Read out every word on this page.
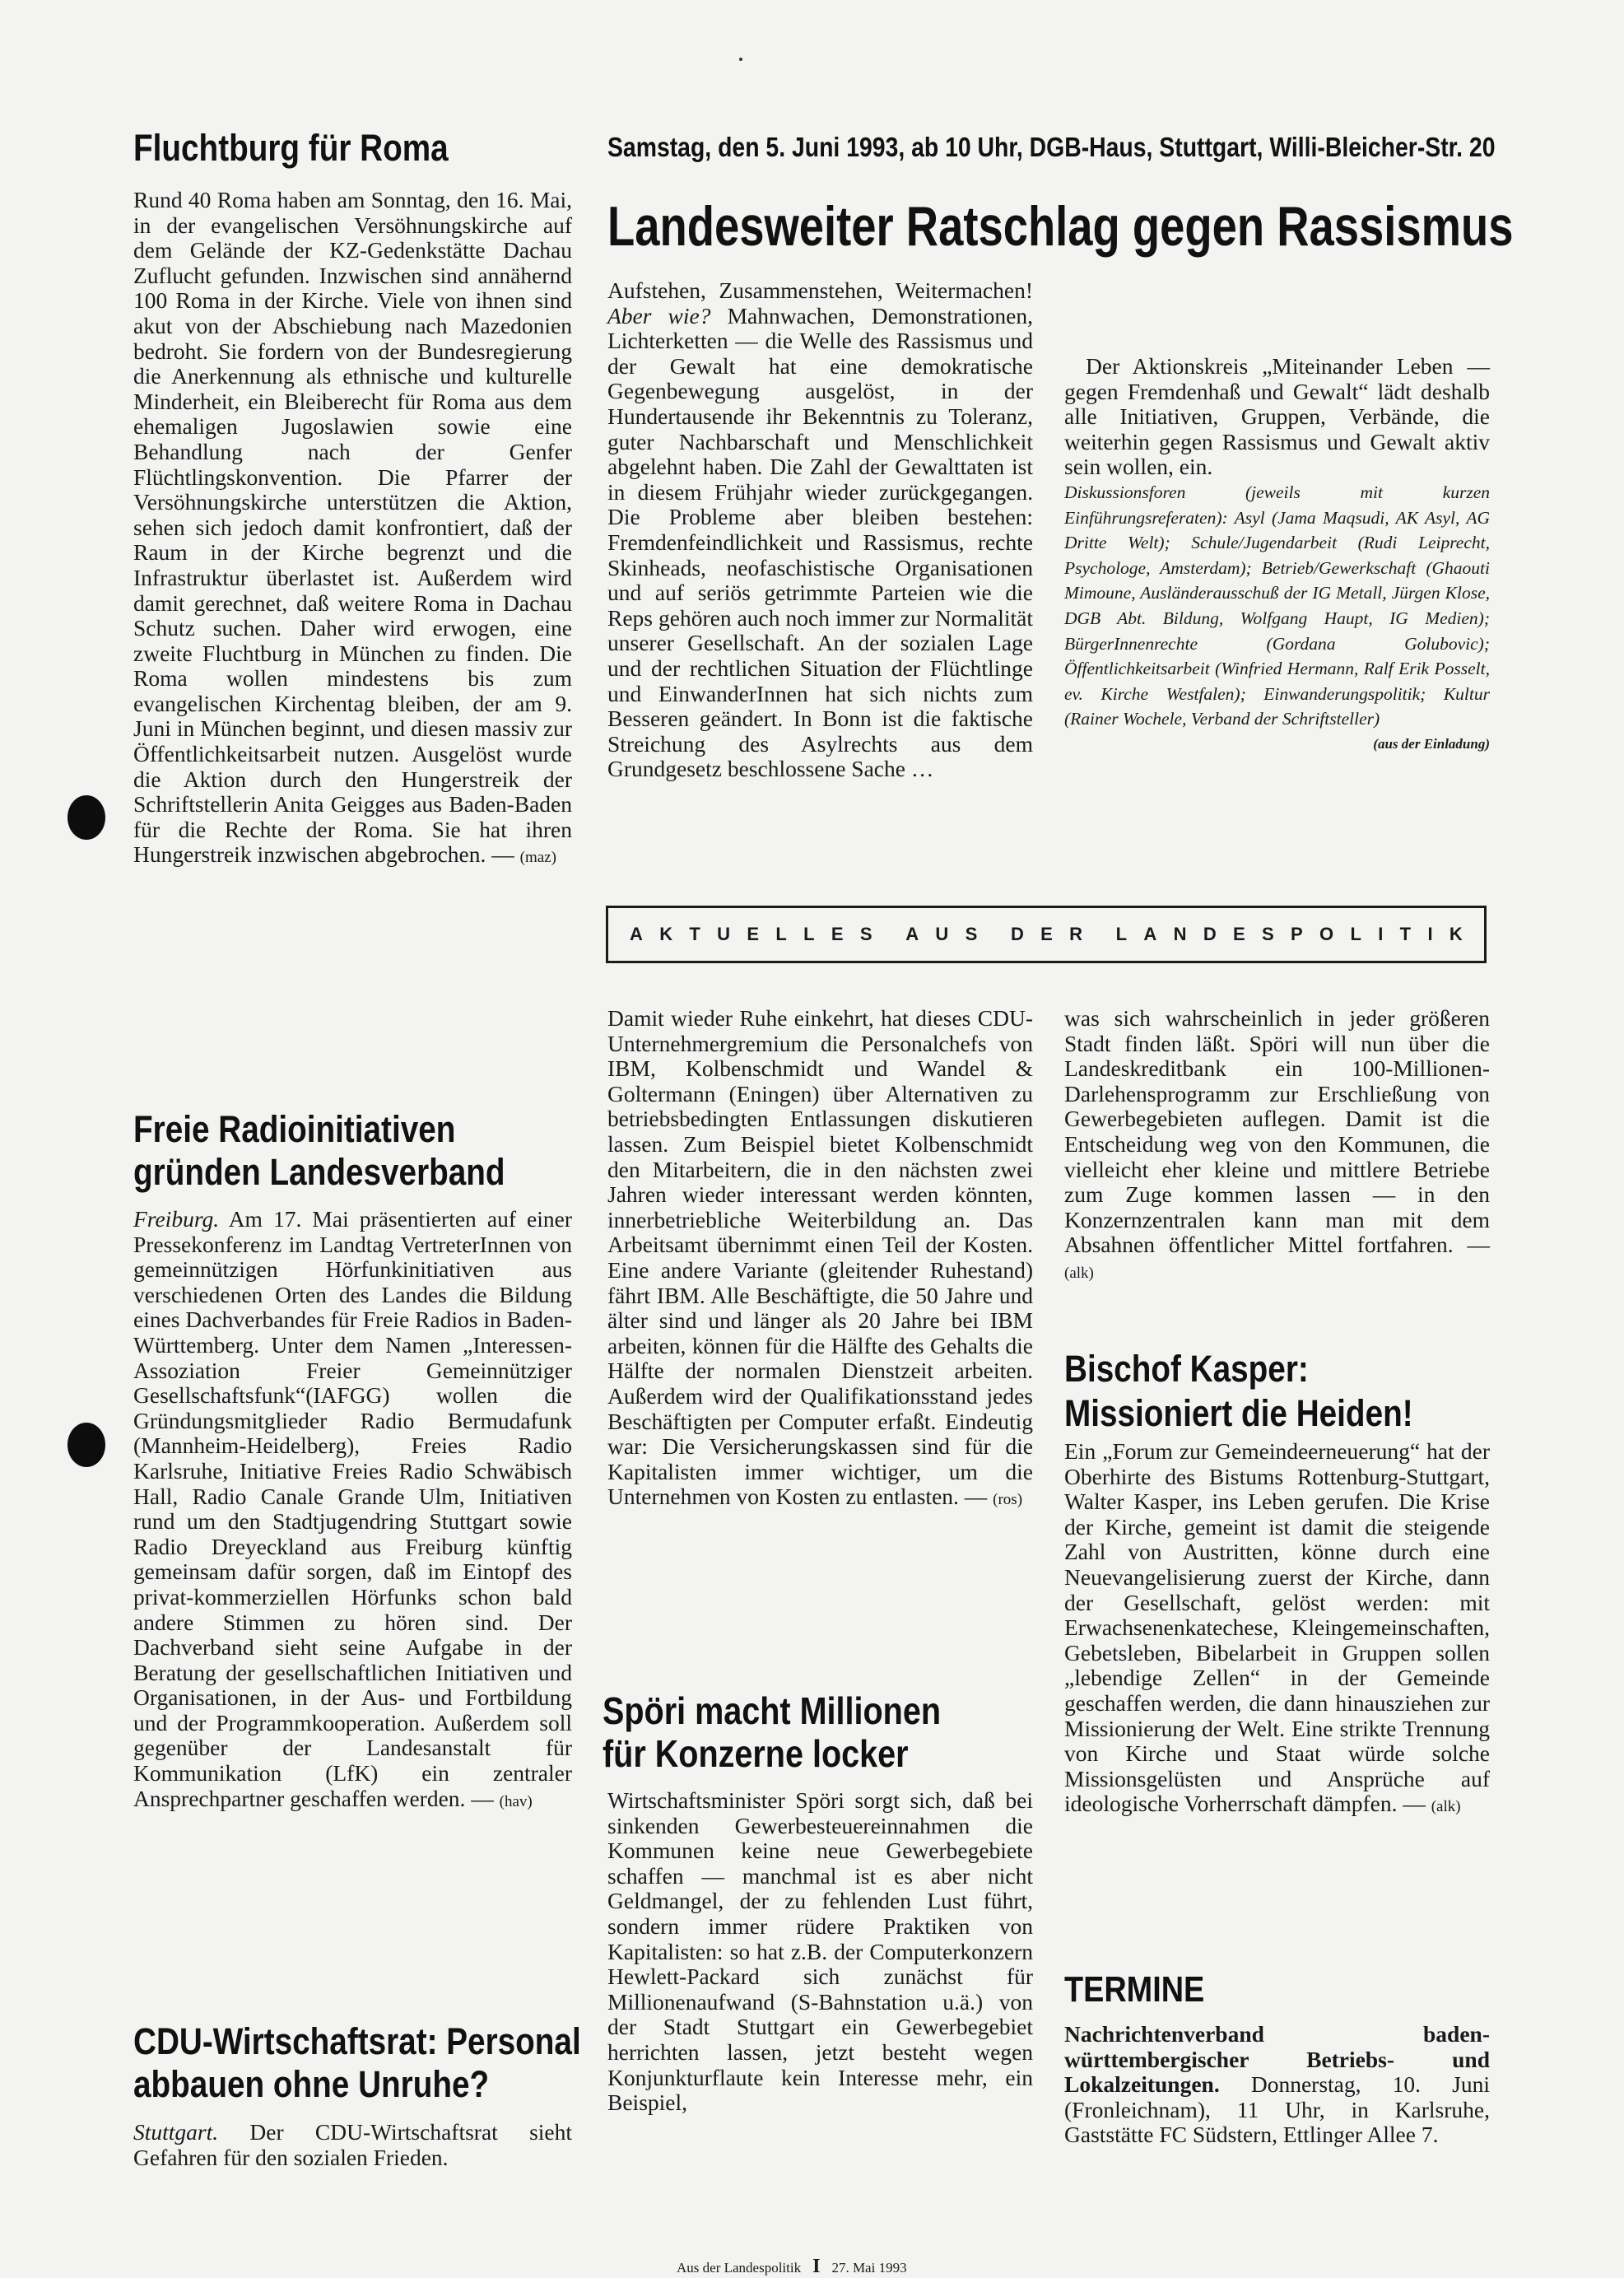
Fluchtburg für Roma

Rund 40 Roma haben am Sonntag, den 16. Mai, in der evangelischen Versöhnungskirche auf dem Gelände der KZ-Gedenkstätte Dachau Zuflucht gefunden. Inzwischen sind annähernd 100 Roma in der Kirche. Viele von ihnen sind akut von der Abschiebung nach Mazedonien bedroht. Sie fordern von der Bundesregierung die Anerkennung als ethnische und kulturelle Minderheit, ein Bleiberecht für Roma aus dem ehemaligen Jugoslawien sowie eine Behandlung nach der Genfer Flüchtlingskonvention. Die Pfarrer der Versöhnungskirche unterstützen die Aktion, sehen sich jedoch damit konfrontiert, daß der Raum in der Kirche begrenzt und die Infrastruktur überlastet ist. Außerdem wird damit gerechnet, daß weitere Roma in Dachau Schutz suchen. Daher wird erwogen, eine zweite Fluchtburg in München zu finden. Die Roma wollen mindestens bis zum evangelischen Kirchentag bleiben, der am 9. Juni in München beginnt, und diesen massiv zur Öffentlichkeitsarbeit nutzen. Ausgelöst wurde die Aktion durch den Hungerstreik der Schriftstellerin Anita Geigges aus Baden-Baden für die Rechte der Roma. Sie hat ihren Hungerstreik inzwischen abgebrochen. — (maz)

Freie Radioinitiativen
gründen Landesverband

Freiburg. Am 17. Mai präsentierten auf einer Pressekonferenz im Landtag VertreterInnen von gemeinnützigen Hörfunkinitiativen aus verschiedenen Orten des Landes die Bildung eines Dachverbandes für Freie Radios in Baden-Württemberg. Unter dem Namen „Interessen-Assoziation Freier Gemeinnütziger Gesellschaftsfunk“(IAFGG) wollen die Gründungsmitglieder Radio Bermudafunk (Mannheim-Heidelberg), Freies Radio Karlsruhe, Initiative Freies Radio Schwäbisch Hall, Radio Canale Grande Ulm, Initiativen rund um den Stadtjugendring Stuttgart sowie Radio Dreyeckland aus Freiburg künftig gemeinsam dafür sorgen, daß im Eintopf des privat-kommerziellen Hörfunks schon bald andere Stimmen zu hören sind. Der Dachverband sieht seine Aufgabe in der Beratung der gesellschaftlichen Initiativen und Organisationen, in der Aus- und Fortbildung und der Programmkooperation. Außerdem soll gegenüber der Landesanstalt für Kommunikation (LfK) ein zentraler Ansprechpartner geschaffen werden. — (hav)

CDU-Wirtschaftsrat: Personal
abbauen ohne Unruhe?

Stuttgart. Der CDU-Wirtschaftsrat sieht Gefahren für den sozialen Frieden.

Samstag, den 5. Juni 1993, ab 10 Uhr, DGB-Haus, Stuttgart, Willi-Bleicher-Str. 20
Landesweiter Ratschlag gegen Rassismus

Aufstehen, Zusammenstehen, Weitermachen! Aber wie? Mahnwachen, Demonstrationen, Lichterketten — die Welle des Rassismus und der Gewalt hat eine demokratische Gegenbewegung ausgelöst, in der Hundertausende ihr Bekenntnis zu Toleranz, guter Nachbarschaft und Menschlichkeit abgelehnt haben. Die Zahl der Gewalttaten ist in diesem Frühjahr wieder zurückgegangen. Die Probleme aber bleiben bestehen: Fremdenfeindlichkeit und Rassismus, rechte Skinheads, neofaschistische Organisationen und auf seriös getrimmte Parteien wie die Reps gehören auch noch immer zur Normalität unserer Gesellschaft. An der sozialen Lage und der rechtlichen Situation der Flüchtlinge und EinwanderInnen hat sich nichts zum Besseren geändert. In Bonn ist die faktische Streichung des Asylrechts aus dem Grundgesetz beschlossene Sache …

Der Aktionskreis „Miteinander Leben — gegen Fremdenhaß und Gewalt“ lädt deshalb alle Initiativen, Gruppen, Verbände, die weiterhin gegen Rassismus und Gewalt aktiv sein wollen, ein.

Diskussionsforen (jeweils mit kurzen Einführungsreferaten): Asyl (Jama Maqsudi, AK Asyl, AG Dritte Welt); Schule/Jugendarbeit (Rudi Leiprecht, Psychologe, Amsterdam); Betrieb/Gewerkschaft (Ghaouti Mimoune, Ausländerausschuß der IG Metall, Jürgen Klose, DGB Abt. Bildung, Wolfgang Haupt, IG Medien); BürgerInnenrechte (Gordana Golubovic); Öffentlichkeitsarbeit (Winfried Hermann, Ralf Erik Posselt, ev. Kirche Westfalen); Einwanderungspolitik; Kultur (Rainer Wochele, Verband der Schriftsteller)

(aus der Einladung)

A K T U E L L E S A U S D E R L A N D E S P O L I T I K

Damit wieder Ruhe einkehrt, hat dieses CDU-Unternehmergremium die Personalchefs von IBM, Kolbenschmidt und Wandel & Goltermann (Eningen) über Alternativen zu betriebsbedingten Entlassungen diskutieren lassen. Zum Beispiel bietet Kolbenschmidt den Mitarbeitern, die in den nächsten zwei Jahren wieder interessant werden könnten, innerbetriebliche Weiterbildung an. Das Arbeitsamt übernimmt einen Teil der Kosten. Eine andere Variante (gleitender Ruhestand) fährt IBM. Alle Beschäftigte, die 50 Jahre und älter sind und länger als 20 Jahre bei IBM arbeiten, können für die Hälfte des Gehalts die Hälfte der normalen Dienstzeit arbeiten. Außerdem wird der Qualifikationsstand jedes Beschäftigten per Computer erfaßt. Eindeutig war: Die Versicherungskassen sind für die Kapitalisten immer wichtiger, um die Unternehmen von Kosten zu entlasten. — (ros)

Spöri macht Millionen
für Konzerne locker

Wirtschaftsminister Spöri sorgt sich, daß bei sinkenden Gewerbesteuereinnahmen die Kommunen keine neue Gewerbegebiete schaffen — manchmal ist es aber nicht Geldmangel, der zu fehlenden Lust führt, sondern immer rüdere Praktiken von Kapitalisten: so hat z.B. der Computerkonzern Hewlett-Packard sich zunächst für Millionenaufwand (S-Bahnstation u.ä.) von der Stadt Stuttgart ein Gewerbegebiet herrichten lassen, jetzt besteht wegen Konjunkturflaute kein Interesse mehr, ein Beispiel,

was sich wahrscheinlich in jeder größeren Stadt finden läßt. Spöri will nun über die Landeskreditbank ein 100-Millionen-Darlehensprogramm zur Erschließung von Gewerbegebieten auflegen. Damit ist die Entscheidung weg von den Kommunen, die vielleicht eher kleine und mittlere Betriebe zum Zuge kommen lassen — in den Konzernzentralen kann man mit dem Absahnen öffentlicher Mittel fortfahren. — (alk)

Bischof Kasper:
Missioniert die Heiden!

Ein „Forum zur Gemeindeerneuerung“ hat der Oberhirte des Bistums Rottenburg-Stuttgart, Walter Kasper, ins Leben gerufen. Die Krise der Kirche, gemeint ist damit die steigende Zahl von Austritten, könne durch eine Neuevangelisierung zuerst der Kirche, dann der Gesellschaft, gelöst werden: mit Erwachsenenkatechese, Kleingemeinschaften, Gebetsleben, Bibelarbeit in Gruppen sollen „lebendige Zellen“ in der Gemeinde geschaffen werden, die dann hinausziehen zur Missionierung der Welt. Eine strikte Trennung von Kirche und Staat würde solche Missionsgelüsten und Ansprüche auf ideologische Vorherrschaft dämpfen. — (alk)

TERMINE

Nachrichtenverband baden-württembergischer Betriebs- und Lokalzeitungen. Donnerstag, 10. Juni (Fronleichnam), 11 Uhr, in Karlsruhe, Gaststätte FC Südstern, Ettlinger Allee 7.

Aus der Landespolitik I 27. Mai 1993
